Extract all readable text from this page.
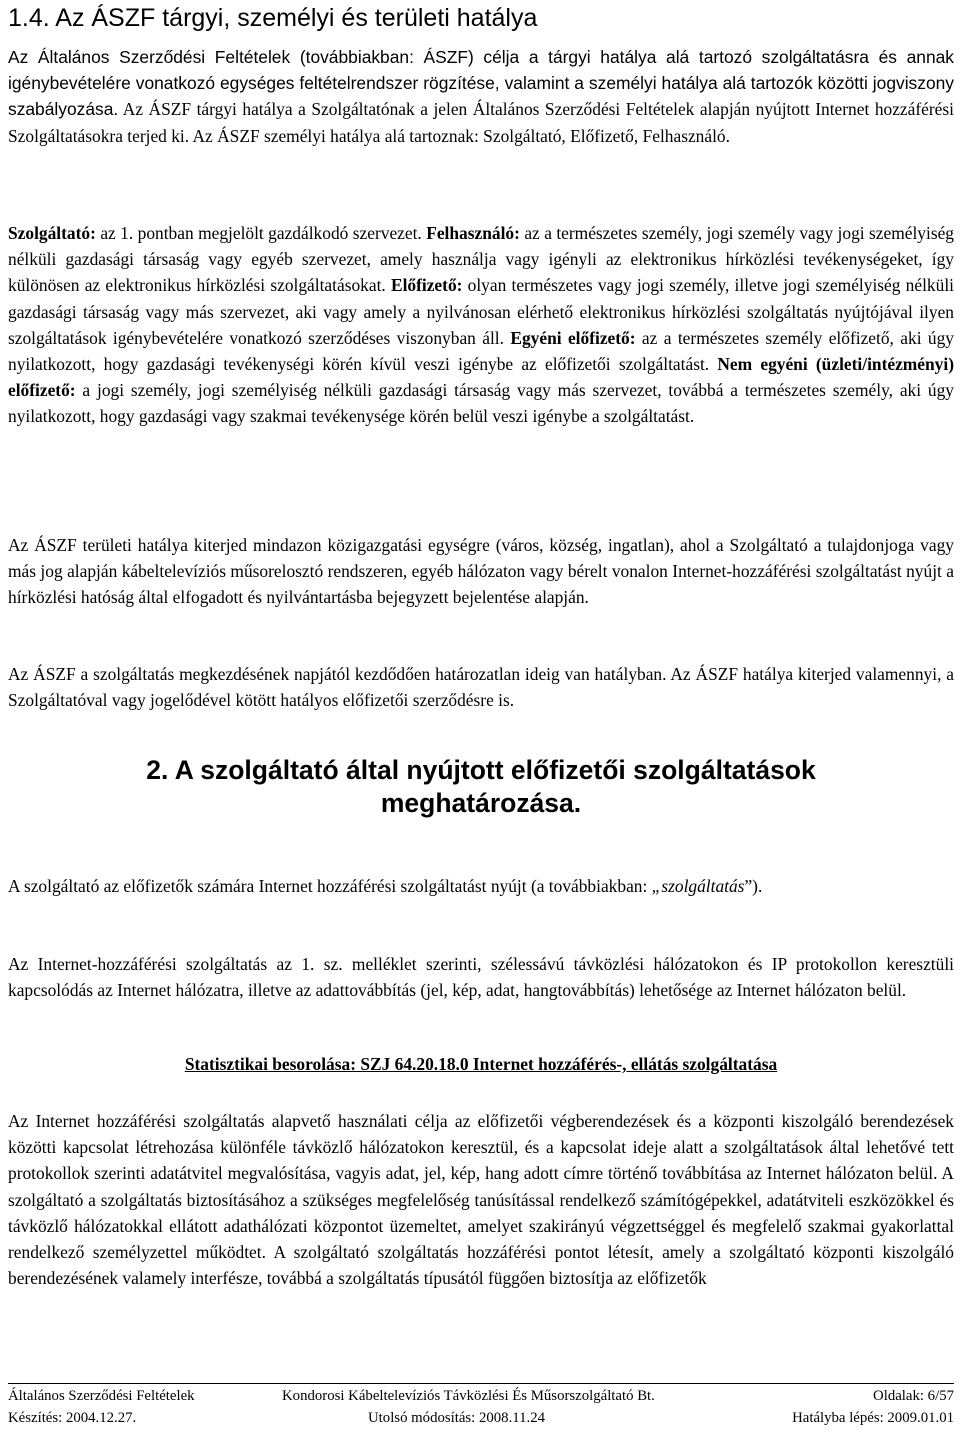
1.4. Az ÁSZF tárgyi, személyi és területi hatálya

Az Általános Szerződési Feltételek (továbbiakban: ÁSZF) célja a tárgyi hatálya alá tartozó szolgáltatásra és annak igénybevételére vonatkozó egységes feltételrendszer rögzítése, valamint a személyi hatálya alá tartozók közötti jogviszony szabályozása. Az ÁSZF tárgyi hatálya a Szolgáltatónak a jelen Általános Szerződési Feltételek alapján nyújtott Internet hozzáférési Szolgáltatásokra terjed ki. Az ÁSZF személyi hatálya alá tartoznak: Szolgáltató, Előfizető, Felhasználó.

Szolgáltató: az 1. pontban megjelölt gazdálkodó szervezet. Felhasználó: az a természetes személy, jogi személy vagy jogi személyiség nélküli gazdasági társaság vagy egyéb szervezet, amely használja vagy igényli az elektronikus hírközlési tevékenységeket, így különösen az elektronikus hírközlési szolgáltatásokat. Előfizető: olyan természetes vagy jogi személy, illetve jogi személyiség nélküli gazdasági társaság vagy más szervezet, aki vagy amely a nyilvánosan elérhető elektronikus hírközlési szolgáltatás nyújtójával ilyen szolgáltatások igénybevételére vonatkozó szerződéses viszonyban áll. Egyéni előfizető: az a természetes személy előfizető, aki úgy nyilatkozott, hogy gazdasági tevékenységi körén kívül veszi igénybe az előfizetői szolgáltatást. Nem egyéni (üzleti/intézményi) előfizető: a jogi személy, jogi személyiség nélküli gazdasági társaság vagy más szervezet, továbbá a természetes személy, aki úgy nyilatkozott, hogy gazdasági vagy szakmai tevékenysége körén belül veszi igénybe a szolgáltatást.

Az ÁSZF területi hatálya kiterjed mindazon közigazgatási egységre (város, község, ingatlan), ahol a Szolgáltató a tulajdonjoga vagy más jog alapján kábeltelevíziós műsorelosztó rendszeren, egyéb hálózaton vagy bérelt vonalon Internet-hozzáférési szolgáltatást nyújt a hírközlési hatóság által elfogadott és nyilvántartásba bejegyzett bejelentése alapján.

Az ÁSZF a szolgáltatás megkezdésének napjától kezdődően határozatlan ideig van hatályban. Az ÁSZF hatálya kiterjed valamennyi, a Szolgáltatóval vagy jogelődével kötött hatályos előfizetői szerződésre is.

2. A szolgáltató által nyújtott előfizetői szolgáltatások
meghatározása.

A szolgáltató az előfizetők számára Internet hozzáférési szolgáltatást nyújt (a továbbiakban: „szolgáltatás”).

Az Internet-hozzáférési szolgáltatás az 1. sz. melléklet szerinti, szélessávú távközlési hálózatokon és IP protokollon keresztüli kapcsolódás az Internet hálózatra, illetve az adattovábbítás (jel, kép, adat, hangtovábbítás) lehetősége az Internet hálózaton belül.

Statisztikai besorolása: SZJ 64.20.18.0 Internet hozzáférés-, ellátás szolgáltatása

Az Internet hozzáférési szolgáltatás alapvető használati célja az előfizetői végberendezések és a központi kiszolgáló berendezések közötti kapcsolat létrehozása különféle távközlő hálózatokon keresztül, és a kapcsolat ideje alatt a szolgáltatások által lehetővé tett protokollok szerinti adatátvitel megvalósítása, vagyis adat, jel, kép, hang adott címre történő továbbítása az Internet hálózaton belül. A szolgáltató a szolgáltatás biztosításához a szükséges megfelelőség tanúsítással rendelkező számítógépekkel, adatátviteli eszközökkel és távközlő hálózatokkal ellátott adathálózati központot üzemeltet, amelyet szakirányú végzettséggel és megfelelő szakmai gyakorlattal rendelkező személyzettel működtet. A szolgáltató szolgáltatás hozzáférési pontot létesít, amely a szolgáltató központi kiszolgáló berendezésének valamely interfésze, továbbá a szolgáltatás típusától függően biztosítja az előfizetők

Általános Szerződési Feltételek	Kondorosi Kábeltelevíziós Távközlési És Műsorszolgáltató Bt.	Oldalak: 6/57
Készítés: 2004.12.27.	Utolsó módosítás: 2008.11.24	Hatályba lépés: 2009.01.01
